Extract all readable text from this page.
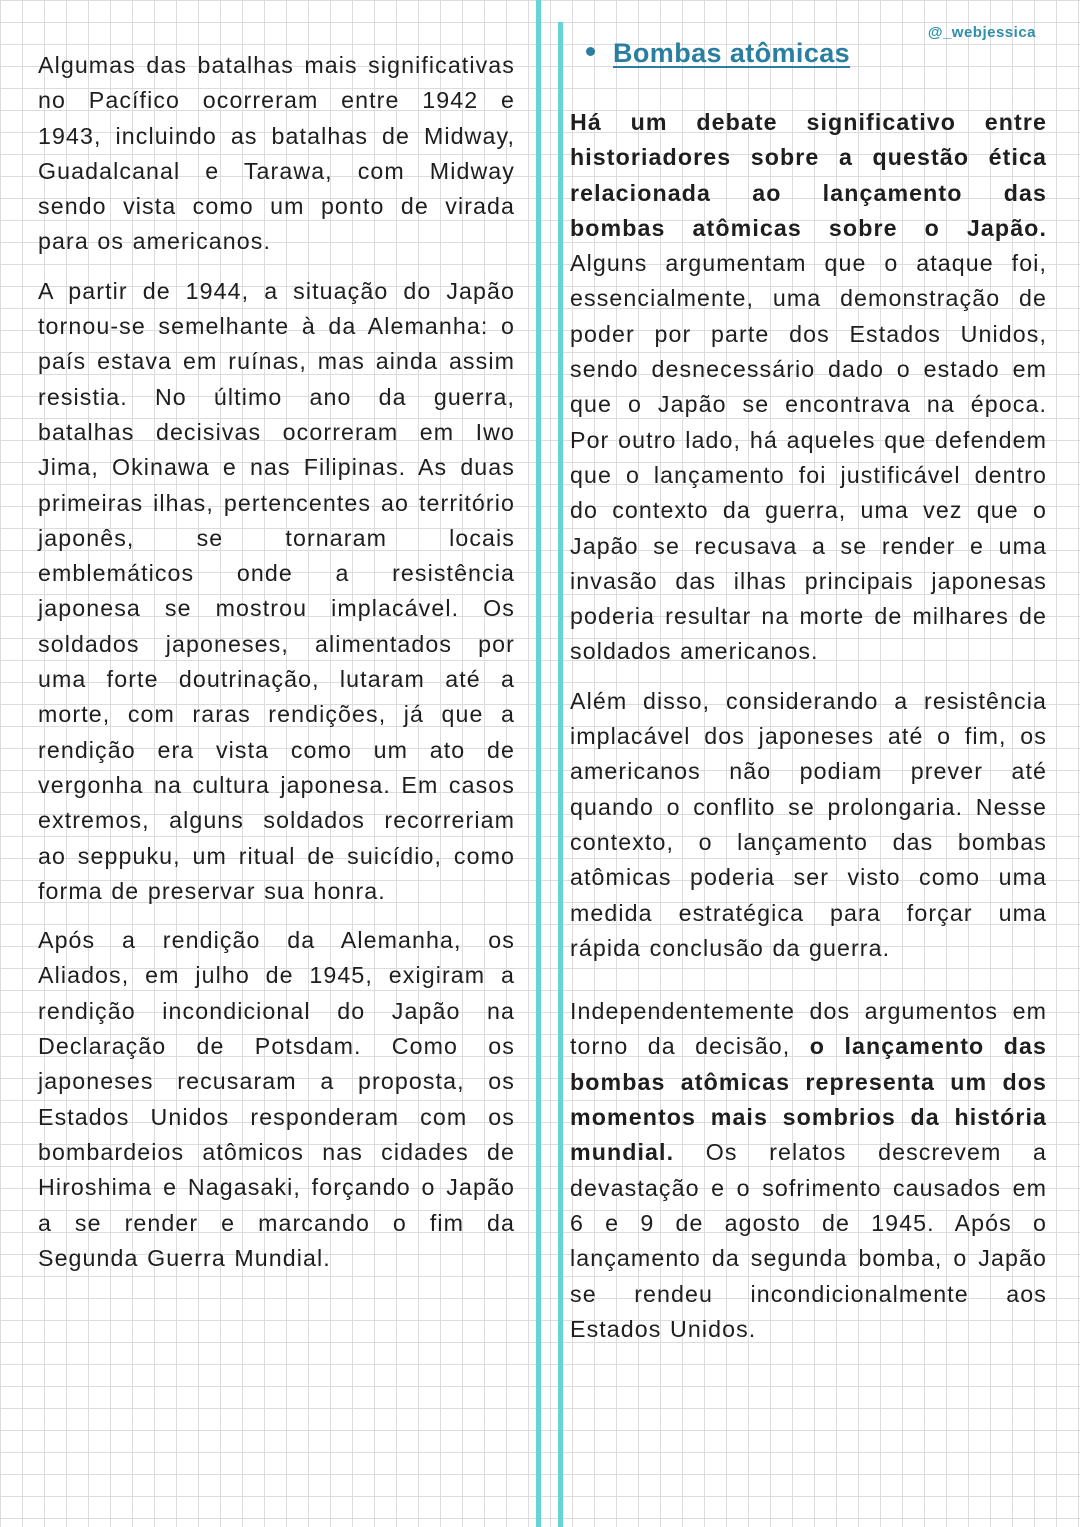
@_webjessica

Algumas das batalhas mais significativas no Pacífico ocorreram entre 1942 e 1943, incluindo as batalhas de Midway, Guadalcanal e Tarawa, com Midway sendo vista como um ponto de virada para os americanos.

A partir de 1944, a situação do Japão tornou-se semelhante à da Alemanha: o país estava em ruínas, mas ainda assim resistia. No último ano da guerra, batalhas decisivas ocorreram em Iwo Jima, Okinawa e nas Filipinas. As duas primeiras ilhas, pertencentes ao território japonês, se tornaram locais emblemáticos onde a resistência japonesa se mostrou implacável. Os soldados japoneses, alimentados por uma forte doutrinação, lutaram até a morte, com raras rendições, já que a rendição era vista como um ato de vergonha na cultura japonesa. Em casos extremos, alguns soldados recorreriam ao seppuku, um ritual de suicídio, como forma de preservar sua honra.

Após a rendição da Alemanha, os Aliados, em julho de 1945, exigiram a rendição incondicional do Japão na Declaração de Potsdam. Como os japoneses recusaram a proposta, os Estados Unidos responderam com os bombardeios atômicos nas cidades de Hiroshima e Nagasaki, forçando o Japão a se render e marcando o fim da Segunda Guerra Mundial.

Bombas atômicas

Há um debate significativo entre historiadores sobre a questão ética relacionada ao lançamento das bombas atômicas sobre o Japão. Alguns argumentam que o ataque foi, essencialmente, uma demonstração de poder por parte dos Estados Unidos, sendo desnecessário dado o estado em que o Japão se encontrava na época. Por outro lado, há aqueles que defendem que o lançamento foi justificável dentro do contexto da guerra, uma vez que o Japão se recusava a se render e uma invasão das ilhas principais japonesas poderia resultar na morte de milhares de soldados americanos.

Além disso, considerando a resistência implacável dos japoneses até o fim, os americanos não podiam prever até quando o conflito se prolongaria. Nesse contexto, o lançamento das bombas atômicas poderia ser visto como uma medida estratégica para forçar uma rápida conclusão da guerra.

Independentemente dos argumentos em torno da decisão, o lançamento das bombas atômicas representa um dos momentos mais sombrios da história mundial. Os relatos descrevem a devastação e o sofrimento causados em 6 e 9 de agosto de 1945. Após o lançamento da segunda bomba, o Japão se rendeu incondicionalmente aos Estados Unidos.
